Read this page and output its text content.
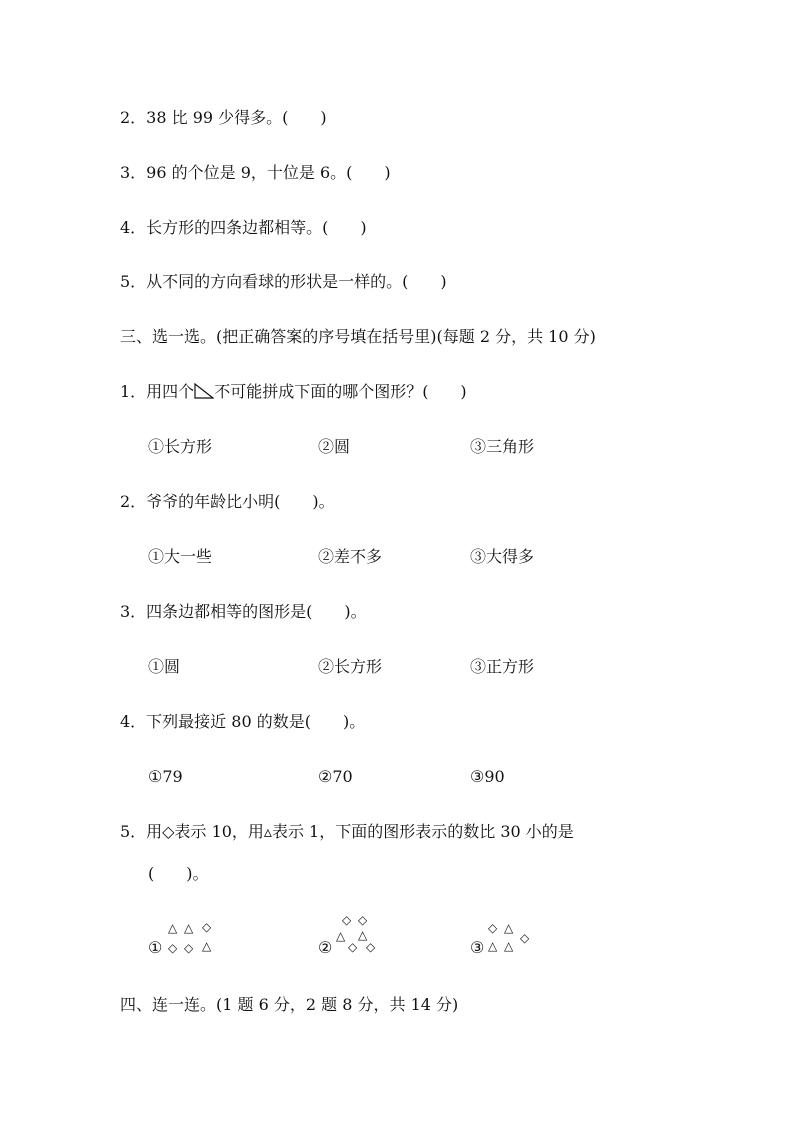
2．38 比 99 少得多。(　　)
3．96 的个位是 9，十位是 6。(　　)
4．长方形的四条边都相等。(　　)
5．从不同的方向看球的形状是一样的。(　　)
三、选一选。(把正确答案的序号填在括号里)(每题 2 分，共 10 分)
1．用四个 不可能拼成下面的哪个图形？(　　)
①长方形	②圆	③三角形
2．爷爷的年龄比小明(　　)。
①大一些	②差不多	③大得多
3．四条边都相等的图形是(　　)。
①圆	②长方形	③正方形
4．下列最接近 80 的数是(　　)。
①79	②70	③90
5．用◇表示 10，用▵表示 1，下面的图形表示的数比 30 小的是
(　　)。
①
△ △ ◇
◇ ◇ △	②
◇ ◇
△ △
◇ ◇	③
◇ △
△ △
◇
四、连一连。(1 题 6 分，2 题 8 分，共 14 分)
